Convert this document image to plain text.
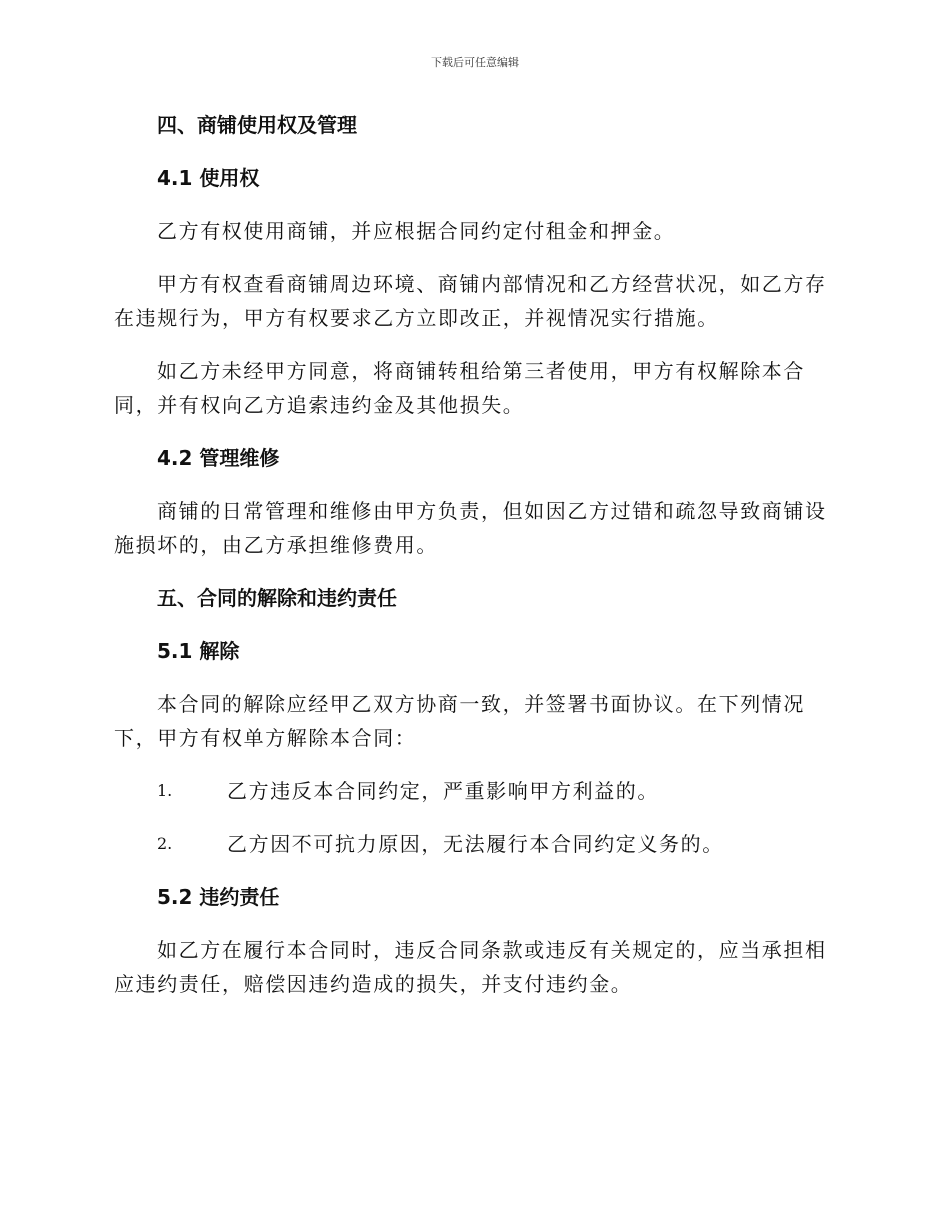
下载后可任意编辑
四、商铺使用权及管理
4.1 使用权
乙方有权使用商铺，并应根据合同约定付租金和押金。
甲方有权查看商铺周边环境、商铺内部情况和乙方经营状况，如乙方存
在违规行为，甲方有权要求乙方立即改正，并视情况实行措施。
如乙方未经甲方同意，将商铺转租给第三者使用，甲方有权解除本合
同，并有权向乙方追索违约金及其他损失。
4.2 管理维修
商铺的日常管理和维修由甲方负责，但如因乙方过错和疏忽导致商铺设
施损坏的，由乙方承担维修费用。
五、合同的解除和违约责任
5.1 解除
本合同的解除应经甲乙双方协商一致，并签署书面协议。在下列情况
下，甲方有权单方解除本合同：
1.	乙方违反本合同约定，严重影响甲方利益的。
2.	乙方因不可抗力原因，无法履行本合同约定义务的。
5.2 违约责任
如乙方在履行本合同时，违反合同条款或违反有关规定的，应当承担相
应违约责任，赔偿因违约造成的损失，并支付违约金。
